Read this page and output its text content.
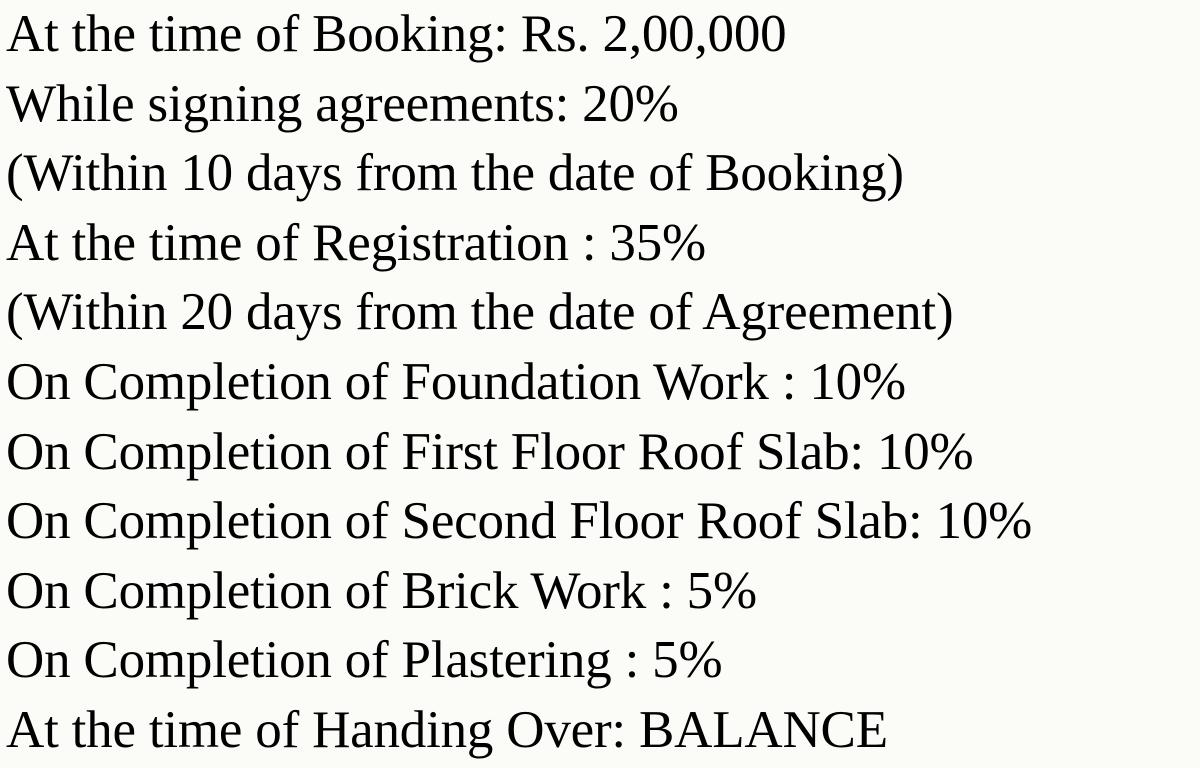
At the time of Booking: Rs. 2,00,000
While signing agreements: 20%
(Within 10 days from the date of Booking)
At the time of Registration : 35%
(Within 20 days from the date of Agreement)
On Completion of Foundation Work : 10%
On Completion of First Floor Roof Slab: 10%
On Completion of Second Floor Roof Slab: 10%
On Completion of Brick Work : 5%
On Completion of Plastering : 5%
At the time of Handing Over: BALANCE
